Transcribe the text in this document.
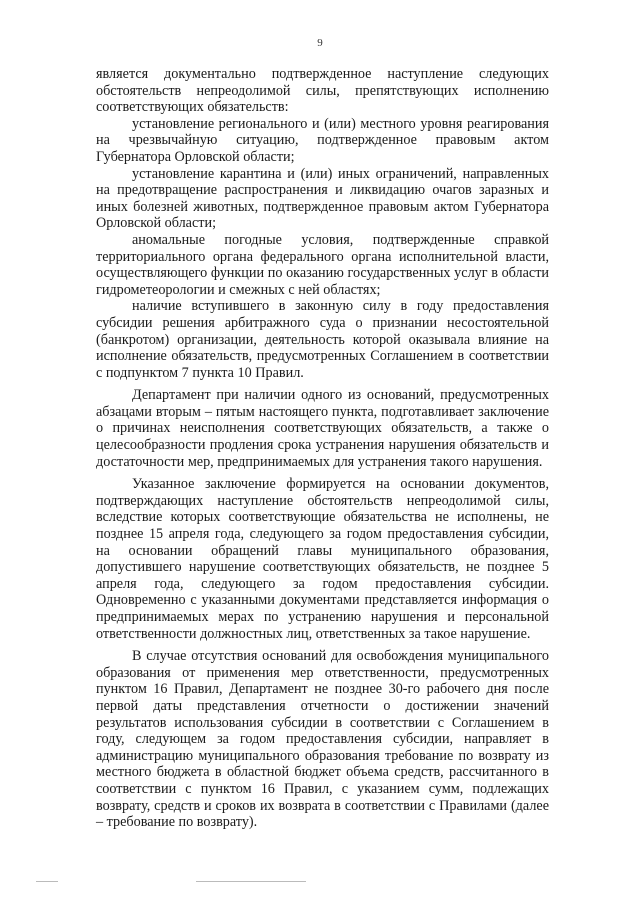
9

является документально подтвержденное наступление следующих обстоятельств непреодолимой силы, препятствующих исполнению соответствующих обязательств:

установление регионального и (или) местного уровня реагирования на чрезвычайную ситуацию, подтвержденное правовым актом Губернатора Орловской области;

установление карантина и (или) иных ограничений, направленных на предотвращение распространения и ликвидацию очагов заразных и иных болезней животных, подтвержденное правовым актом Губернатора Орловской области;

аномальные погодные условия, подтвержденные справкой территориального органа федерального органа исполнительной власти, осуществляющего функции по оказанию государственных услуг в области гидрометеорологии и смежных с ней областях;

наличие вступившего в законную силу в году предоставления субсидии решения арбитражного суда о признании несостоятельной (банкротом) организации, деятельность которой оказывала влияние на исполнение обязательств, предусмотренных Соглашением в соответствии с подпунктом 7 пункта 10 Правил.

Департамент при наличии одного из оснований, предусмотренных абзацами вторым – пятым настоящего пункта, подготавливает заключение о причинах неисполнения соответствующих обязательств, а также о целесообразности продления срока устранения нарушения обязательств и достаточности мер, предпринимаемых для устранения такого нарушения.

Указанное заключение формируется на основании документов, подтверждающих наступление обстоятельств непреодолимой силы, вследствие которых соответствующие обязательства не исполнены, не позднее 15 апреля года, следующего за годом предоставления субсидии, на основании обращений главы муниципального образования, допустившего нарушение соответствующих обязательств, не позднее 5 апреля года, следующего за годом предоставления субсидии. Одновременно с указанными документами представляется информация о предпринимаемых мерах по устранению нарушения и персональной ответственности должностных лиц, ответственных за такое нарушение.

В случае отсутствия оснований для освобождения муниципального образования от применения мер ответственности, предусмотренных пунктом 16 Правил, Департамент не позднее 30-го рабочего дня после первой даты представления отчетности о достижении значений результатов использования субсидии в соответствии с Соглашением в году, следующем за годом предоставления субсидии, направляет в администрацию муниципального образования требование по возврату из местного бюджета в областной бюджет объема средств, рассчитанного в соответствии с пунктом 16 Правил, с указанием сумм, подлежащих возврату, средств и сроков их возврата в соответствии с Правилами (далее – требование по возврату).
